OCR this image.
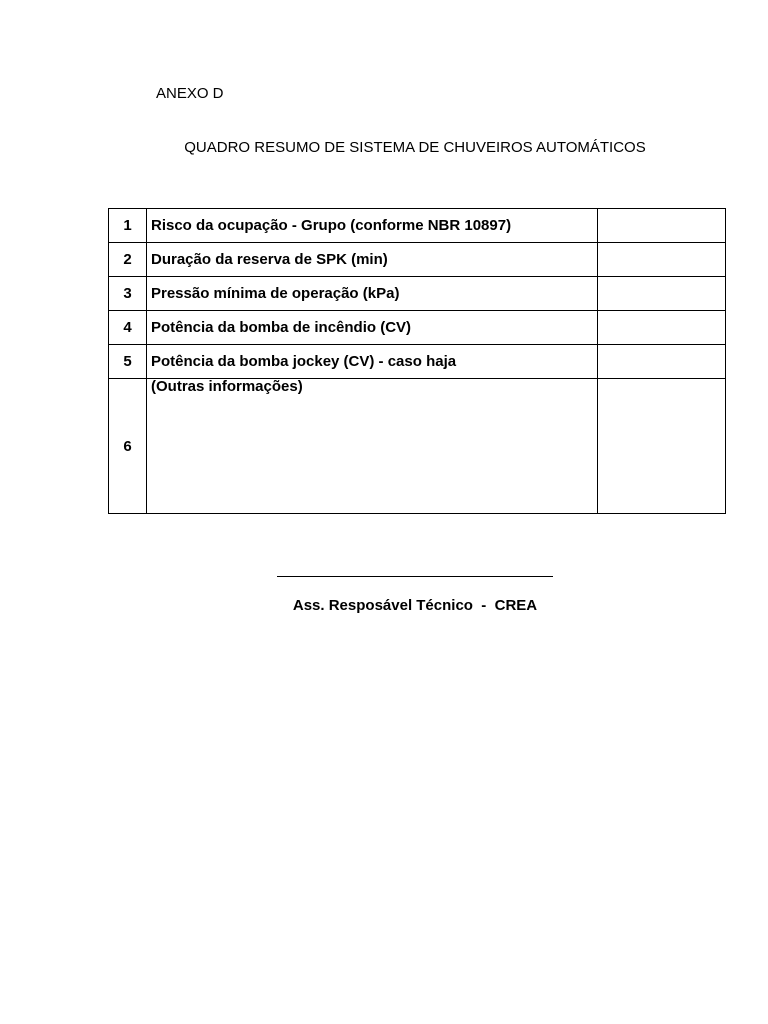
ANEXO D
QUADRO RESUMO DE SISTEMA DE CHUVEIROS AUTOMÁTICOS
1	Risco da ocupação - Grupo (conforme NBR 10897)	
2	Duração da reserva de SPK (min)	
3	Pressão mínima de operação (kPa)	
4	Potência da bomba de incêndio (CV)	
5	Potência da bomba jockey (CV) - caso haja	
6	(Outras informações)	
Ass. Resposável Técnico  -  CREA
